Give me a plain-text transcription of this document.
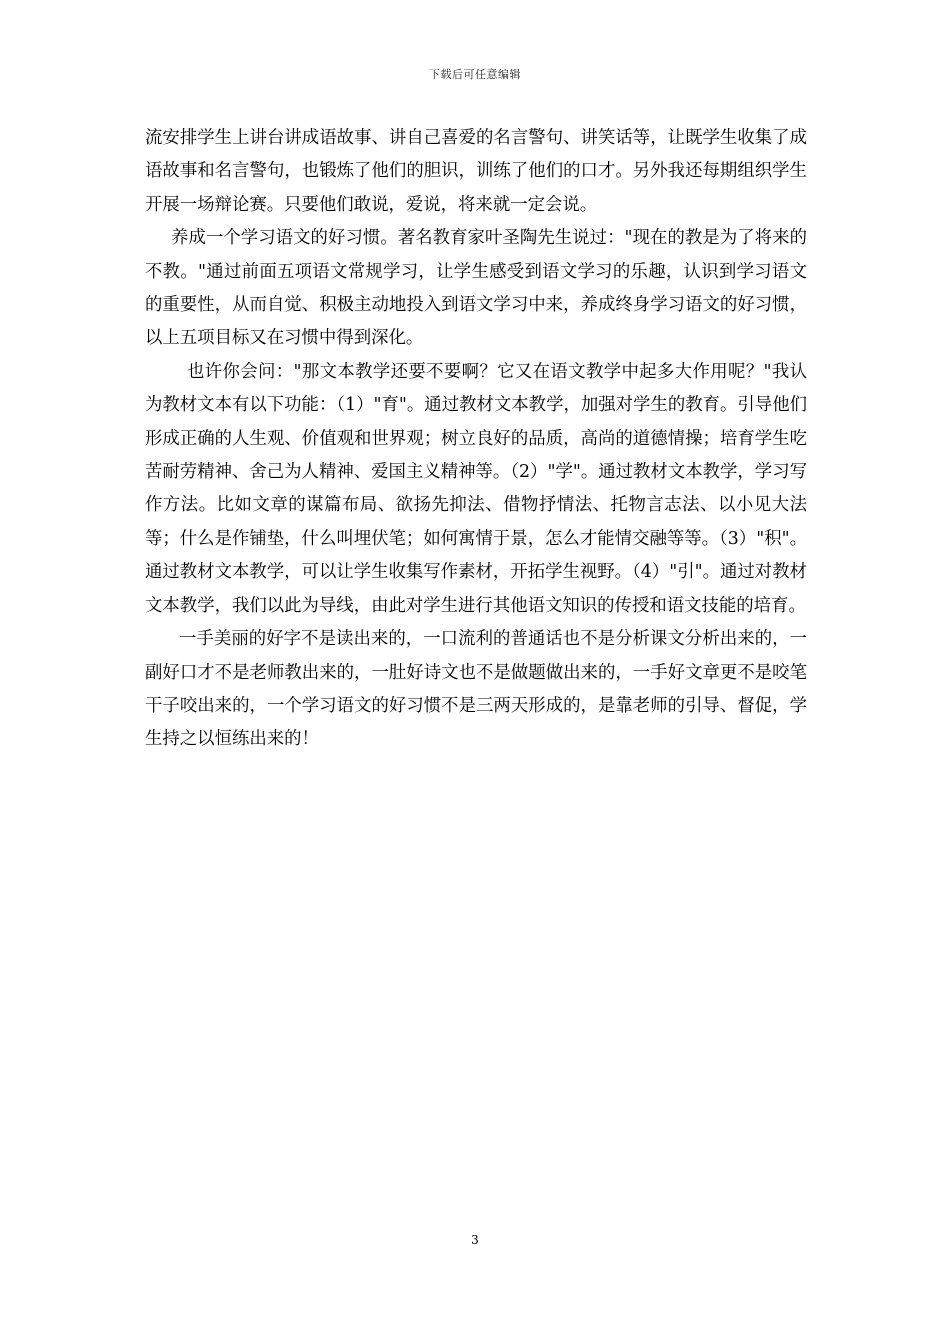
下载后可任意编辑

流安排学生上讲台讲成语故事、讲自己喜爱的名言警句、讲笑话等，让既学生收集了成语故事和名言警句，也锻炼了他们的胆识，训练了他们的口才。另外我还每期组织学生开展一场辩论赛。只要他们敢说，爱说，将来就一定会说。

养成一个学习语文的好习惯。著名教育家叶圣陶先生说过："现在的教是为了将来的不教。"通过前面五项语文常规学习，让学生感受到语文学习的乐趣，认识到学习语文的重要性，从而自觉、积极主动地投入到语文学习中来，养成终身学习语文的好习惯，以上五项目标又在习惯中得到深化。

也许你会问："那文本教学还要不要啊？它又在语文教学中起多大作用呢？"我认为教材文本有以下功能：（1）"育"。通过教材文本教学，加强对学生的教育。引导他们形成正确的人生观、价值观和世界观；树立良好的品质，高尚的道德情操；培育学生吃苦耐劳精神、舍己为人精神、爱国主义精神等。（2）"学"。通过教材文本教学，学习写作方法。比如文章的谋篇布局、欲扬先抑法、借物抒情法、托物言志法、以小见大法等；什么是作铺垫，什么叫埋伏笔；如何寓情于景，怎么才能情交融等等。（3）"积"。通过教材文本教学，可以让学生收集写作素材，开拓学生视野。（4）"引"。通过对教材文本教学，我们以此为导线，由此对学生进行其他语文知识的传授和语文技能的培育。

一手美丽的好字不是读出来的，一口流利的普通话也不是分析课文分析出来的，一副好口才不是老师教出来的，一肚好诗文也不是做题做出来的，一手好文章更不是咬笔干子咬出来的，一个学习语文的好习惯不是三两天形成的，是靠老师的引导、督促，学生持之以恒练出来的！

3
